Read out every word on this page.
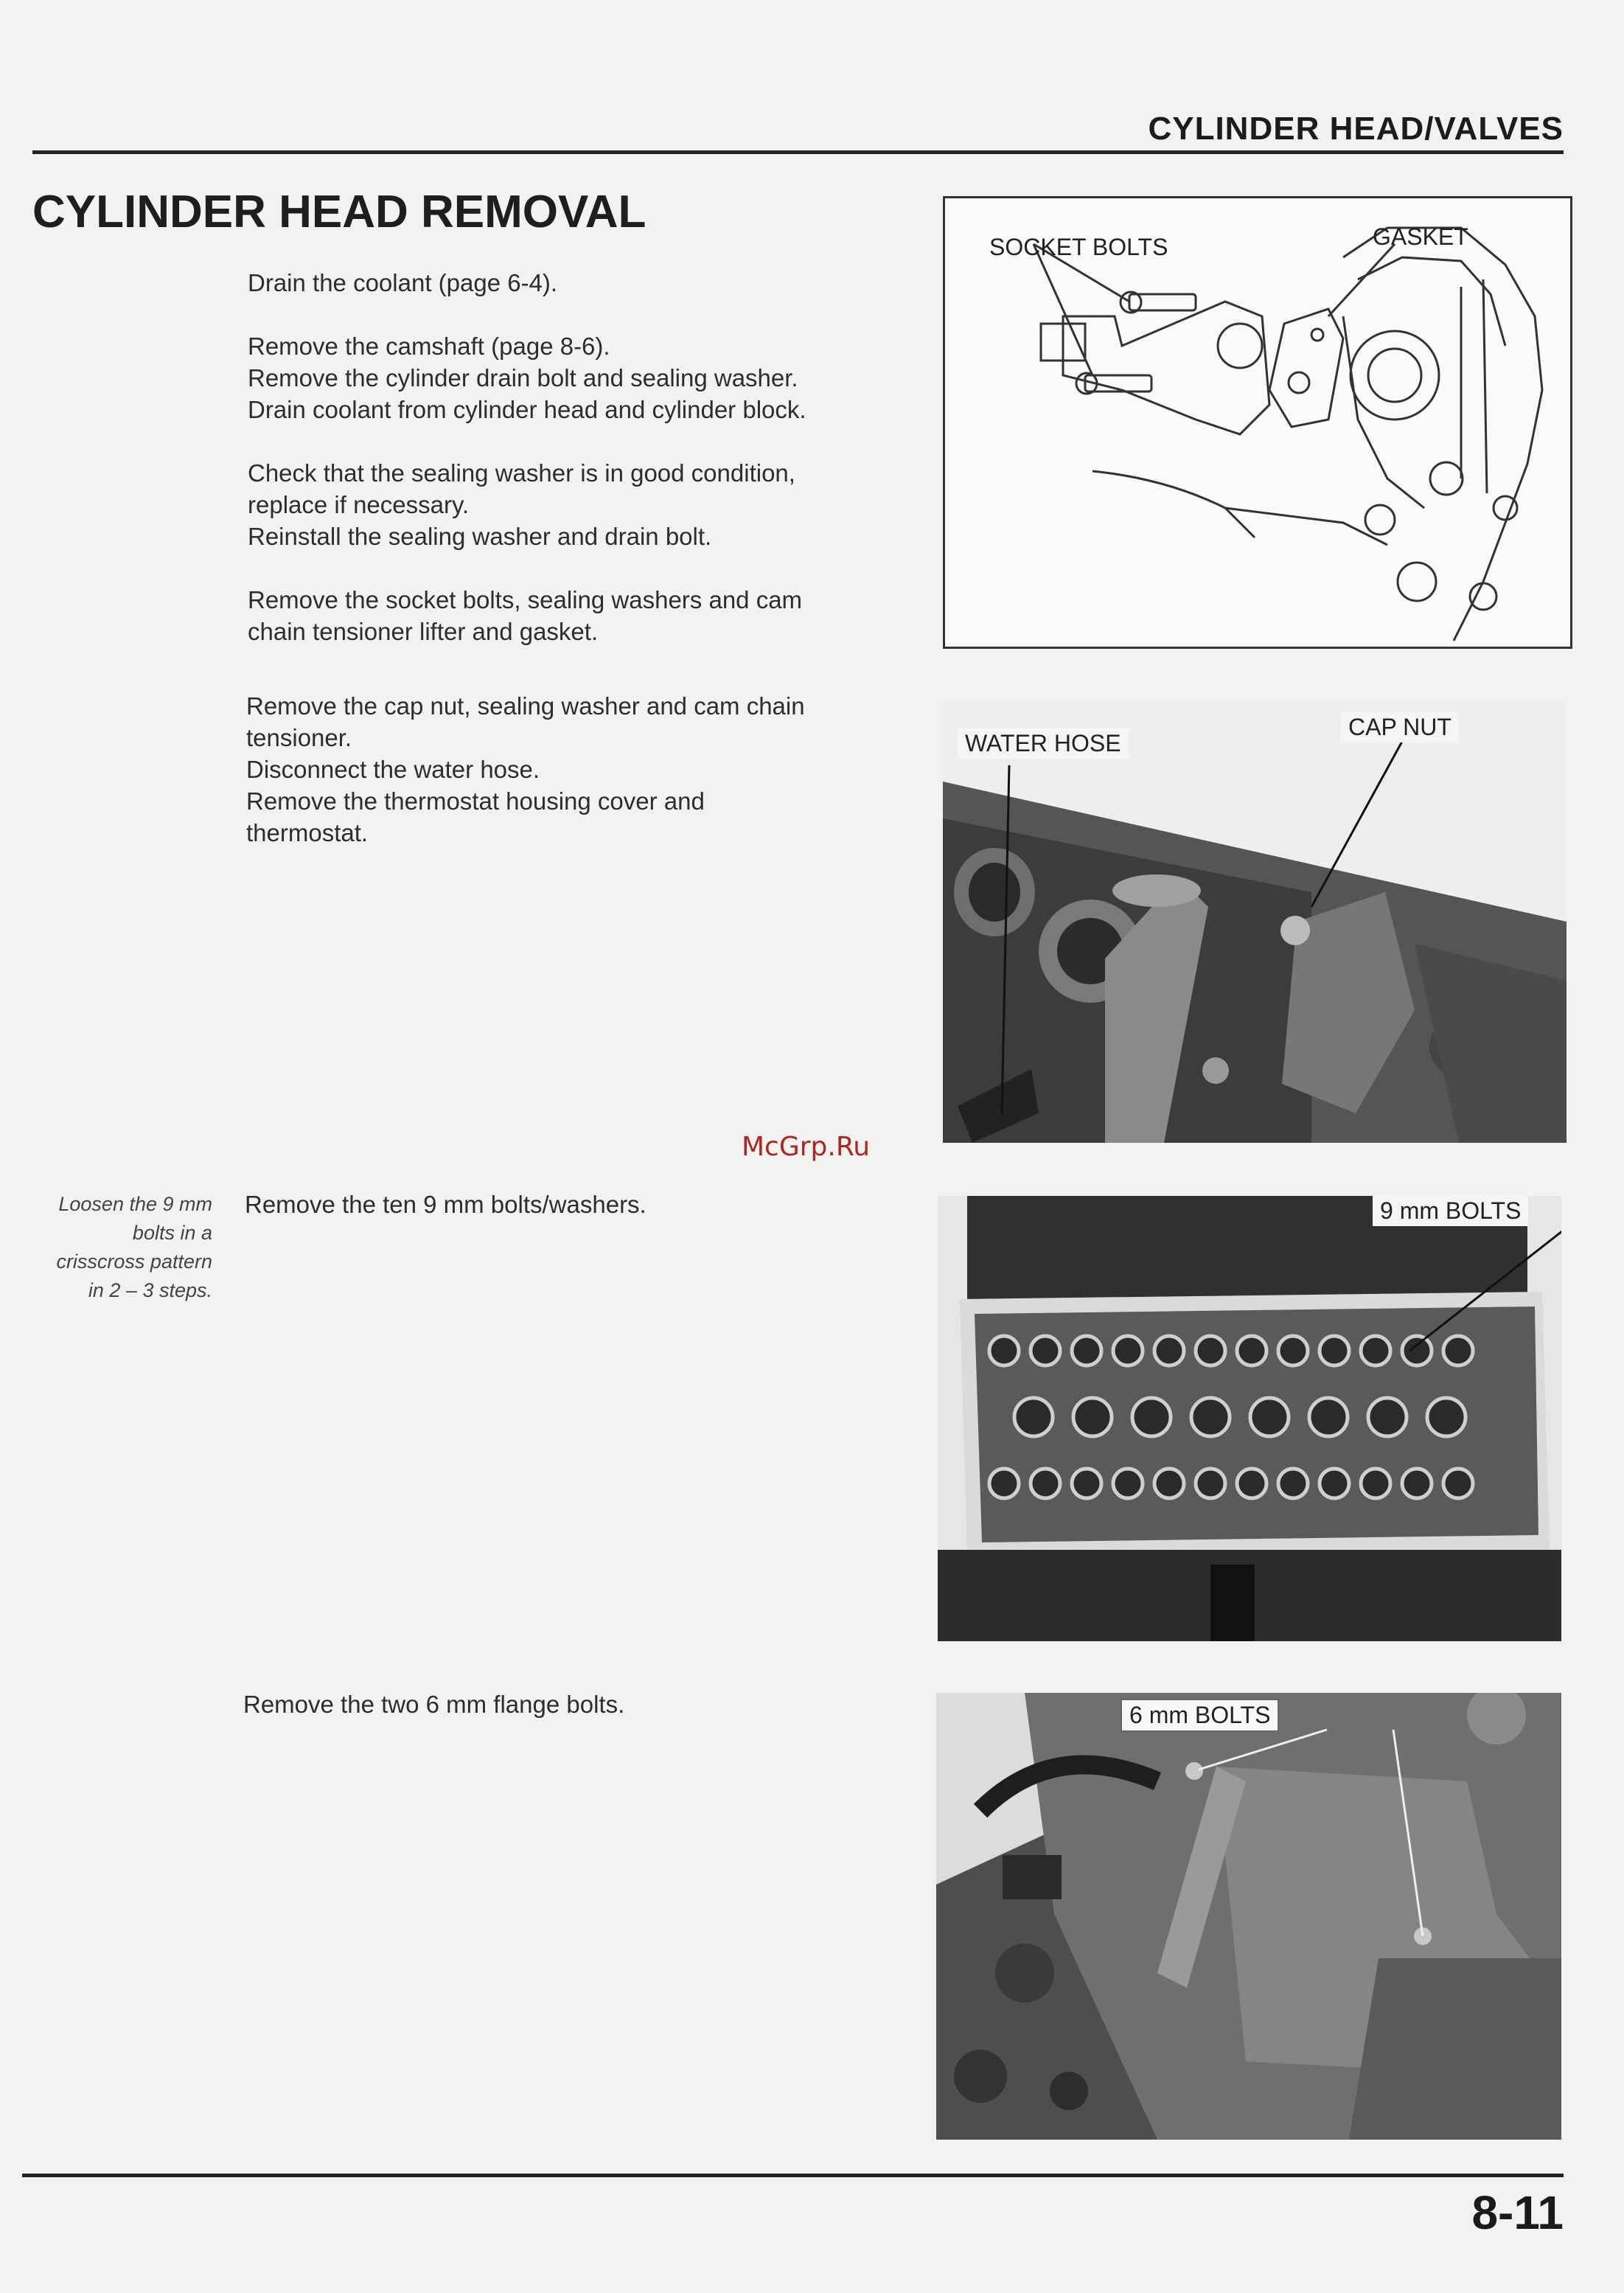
CYLINDER HEAD/VALVES
CYLINDER HEAD REMOVAL

Drain the coolant (page 6-4).

Remove the camshaft (page 8-6).
Remove the cylinder drain bolt and sealing washer.
Drain coolant from cylinder head and cylinder block.

Check that the sealing washer is in good condition,
replace if necessary.
Reinstall the sealing washer and drain bolt.

Remove the socket bolts, sealing washers and cam
chain tensioner lifter and gasket.

Remove the cap nut, sealing washer and cam chain
tensioner.
Disconnect the water hose.
Remove the thermostat housing cover and
thermostat.

Remove the ten 9 mm bolts/washers.
Remove the two 6 mm flange bolts.
Loosen the 9 mm
bolts in a
crisscross pattern
in 2 – 3 steps.
SOCKET BOLTS	GASKET
WATER HOSE
CAP NUT
9 mm BOLTS
6 mm BOLTS
McGrp.Ru
8-11
